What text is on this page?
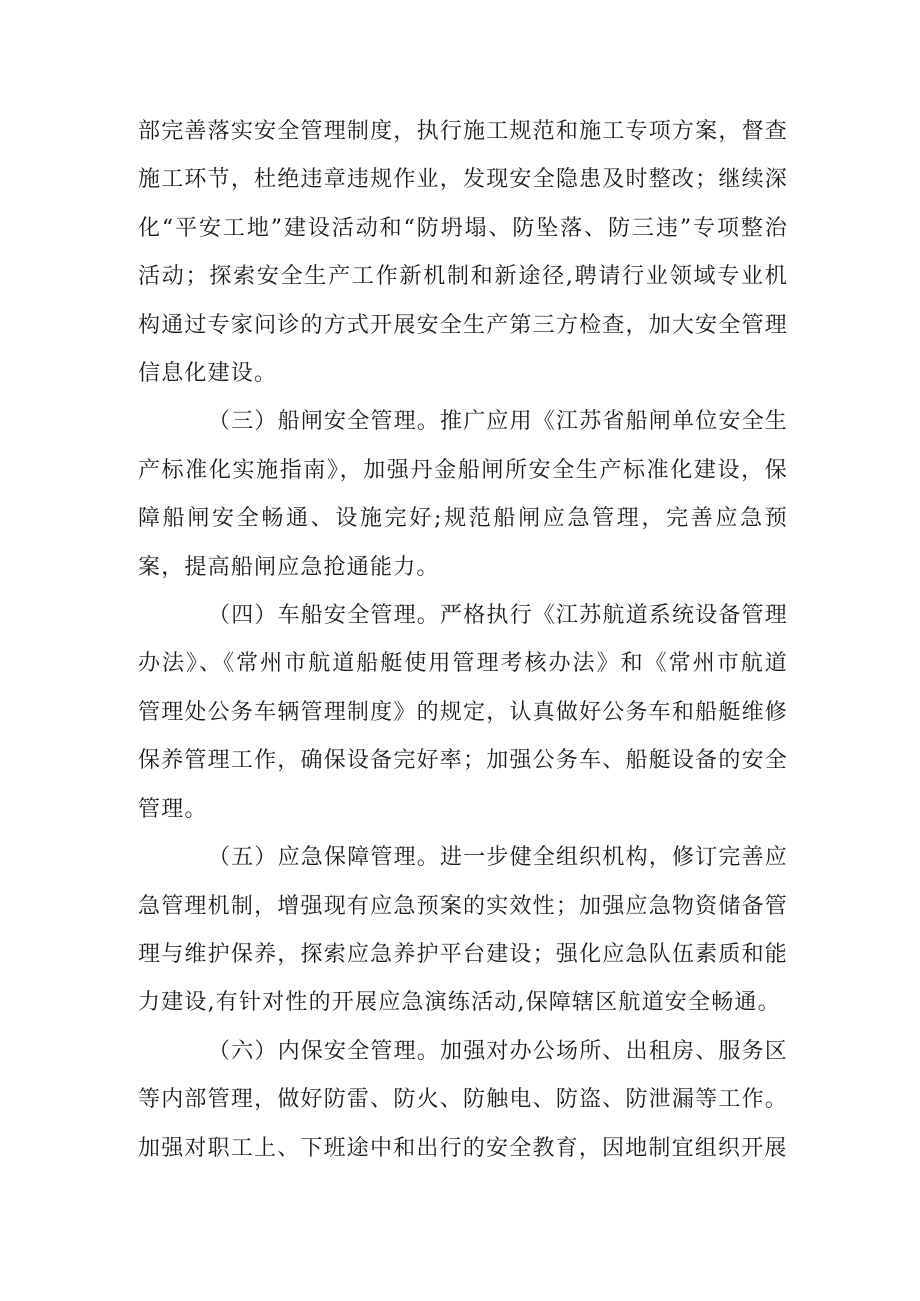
部完善落实安全管理制度，执行施工规范和施工专项方案，督查施工环节，杜绝违章违规作业，发现安全隐患及时整改；继续深化“平安工地”建设活动和“防坍塌、防坠落、防三违”专项整治活动；探索安全生产工作新机制和新途径,聘请行业领域专业机构通过专家问诊的方式开展安全生产第三方检查，加大安全管理信息化建设。

（三）船闸安全管理。推广应用《江苏省船闸单位安全生产标准化实施指南》，加强丹金船闸所安全生产标准化建设，保障船闸安全畅通、设施完好;规范船闸应急管理，完善应急预案，提高船闸应急抢通能力。

（四）车船安全管理。严格执行《江苏航道系统设备管理办法》、《常州市航道船艇使用管理考核办法》和《常州市航道管理处公务车辆管理制度》的规定，认真做好公务车和船艇维修保养管理工作，确保设备完好率；加强公务车、船艇设备的安全管理。

（五）应急保障管理。进一步健全组织机构，修订完善应急管理机制，增强现有应急预案的实效性；加强应急物资储备管理与维护保养，探索应急养护平台建设；强化应急队伍素质和能力建设,有针对性的开展应急演练活动,保障辖区航道安全畅通。

（六）内保安全管理。加强对办公场所、出租房、服务区等内部管理，做好防雷、防火、防触电、防盗、防泄漏等工作。加强对职工上、下班途中和出行的安全教育，因地制宜组织开展
